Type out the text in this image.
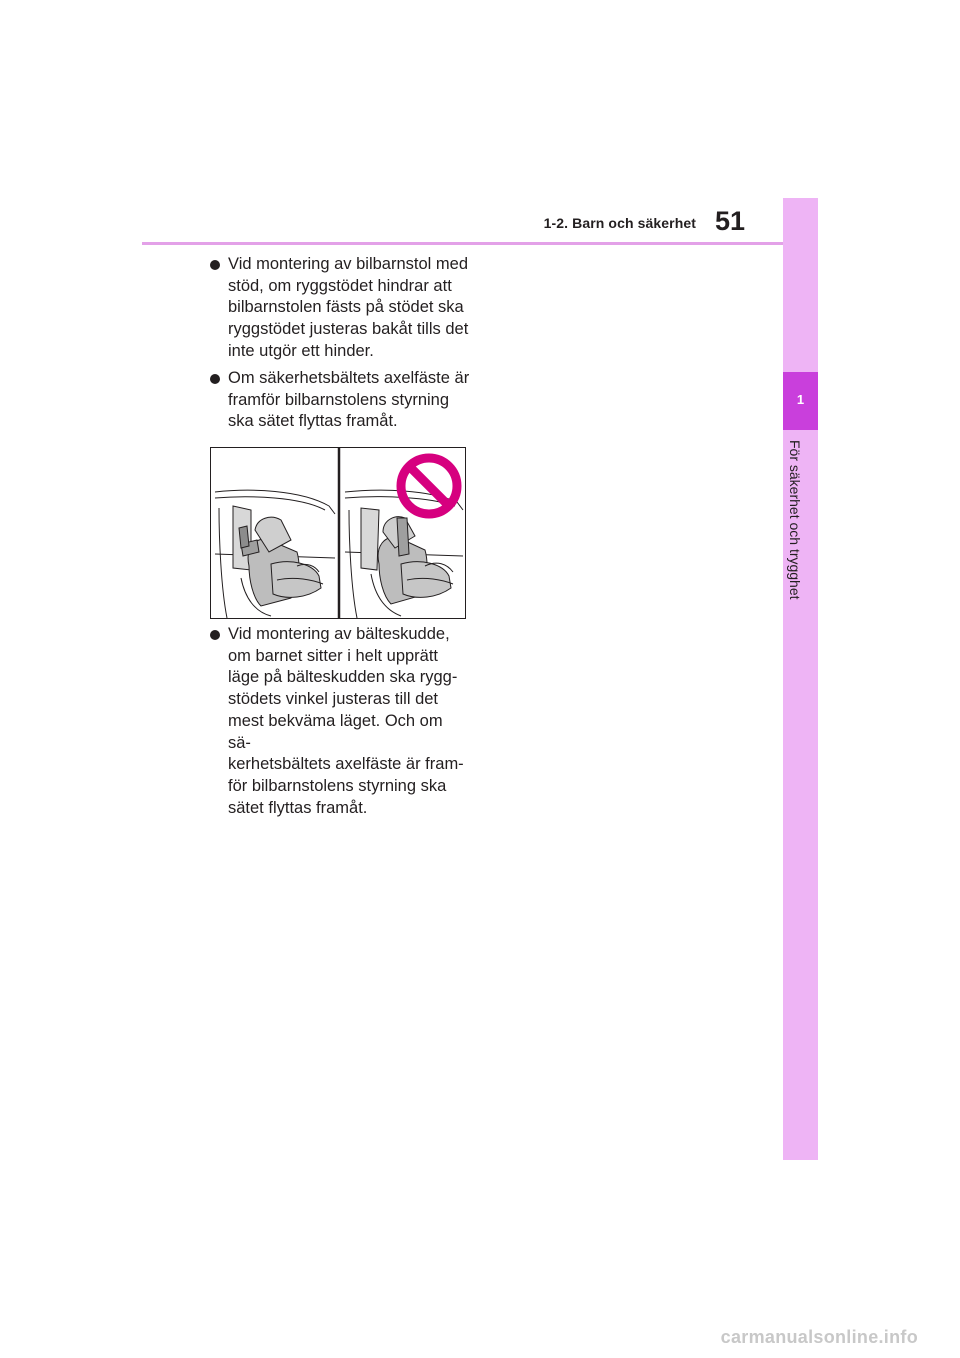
1
För säkerhet och trygghet
1-2. Barn och säkerhet 51
Vid montering av bilbarnstol med
stöd, om ryggstödet hindrar att
bilbarnstolen fästs på stödet ska
ryggstödet justeras bakåt tills det
inte utgör ett hinder.
Om säkerhetsbältets axelfäste är
framför bilbarnstolens styrning
ska sätet flyttas framåt.
Vid montering av bälteskudde,
om barnet sitter i helt upprätt
läge på bälteskudden ska rygg-
stödets vinkel justeras till det
mest bekväma läget. Och om sä-
kerhetsbältets axelfäste är fram-
för bilbarnstolens styrning ska
sätet flyttas framåt.
carmanualsonline.info
